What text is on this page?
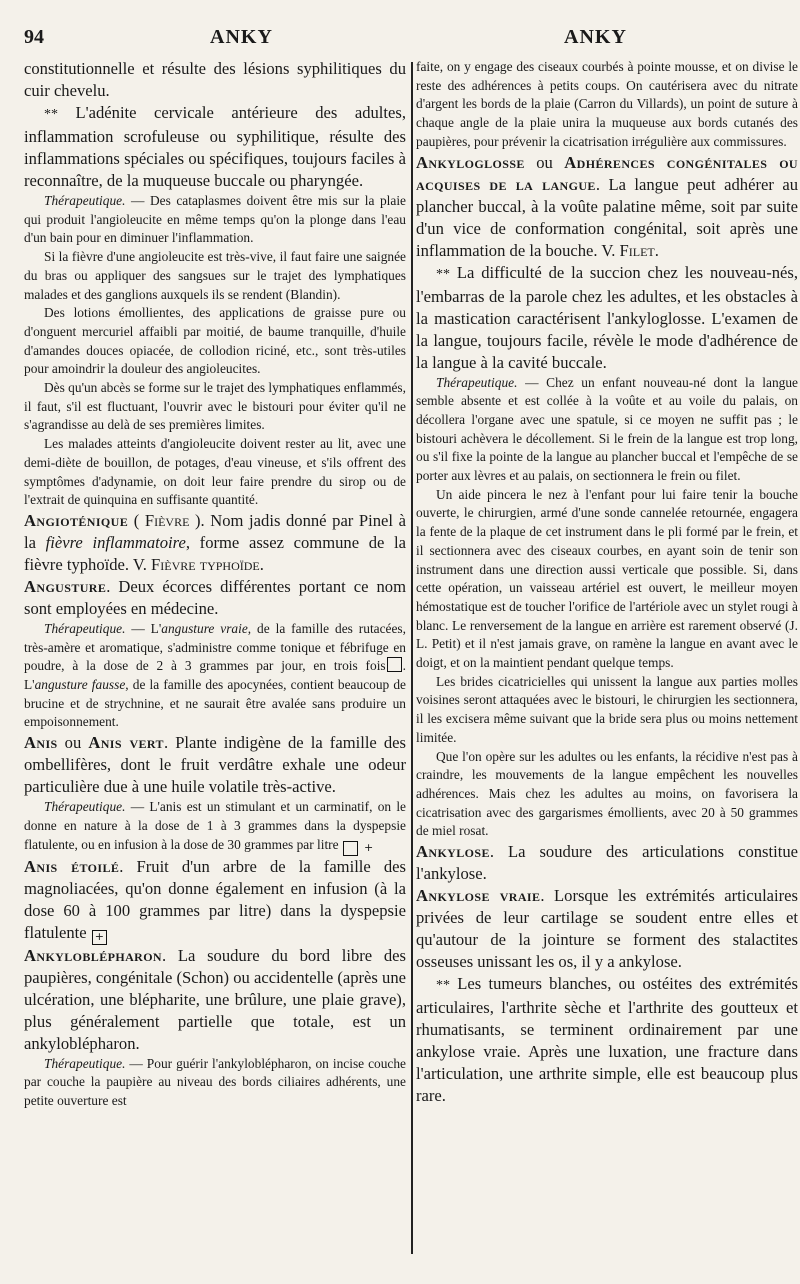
94	ANKY	ANKY

constitutionnelle et résulte des lésions syphilitiques du cuir chevelu.

** L'adénite cervicale antérieure des adultes, inflammation scrofuleuse ou syphilitique, résulte des inflammations spéciales ou spécifiques, toujours faciles à reconnaître, de la muqueuse buccale ou pharyngée.

Thérapeutique. — Des cataplasmes doivent être mis sur la plaie qui produit l'angioleucite en même temps qu'on la plonge dans l'eau d'un bain pour en diminuer l'inflammation.

Si la fièvre d'une angioleucite est très-vive, il faut faire une saignée du bras ou appliquer des sangsues sur le trajet des lymphatiques malades et des ganglions auxquels ils se rendent (Blandin).

Des lotions émollientes, des applications de graisse pure ou d'onguent mercuriel affaibli par moitié, de baume tranquille, d'huile d'amandes douces opiacée, de collodion riciné, etc., sont très-utiles pour amoindrir la douleur des angioleucites.

Dès qu'un abcès se forme sur le trajet des lymphatiques enflammés, il faut, s'il est fluctuant, l'ouvrir avec le bistouri pour éviter qu'il ne s'agrandisse au delà de ses premières limites.

Les malades atteints d'angioleucite doivent rester au lit, avec une demi-diète de bouillon, de potages, d'eau vineuse, et s'ils offrent des symptômes d'adynamie, on doit leur faire prendre du sirop ou de l'extrait de quinquina en suffisante quantité.

Angioténique ( Fièvre ). Nom jadis donné par Pinel à la fièvre inflammatoire, forme assez commune de la fièvre typhoïde. V. Fièvre typhoïde.

Angusture. Deux écorces différentes portant ce nom sont employées en médecine.

Thérapeutique. — L'angusture vraie, de la famille des rutacées, très-amère et aromatique, s'administre comme tonique et fébrifuge en poudre, à la dose de 2 à 3 grammes par jour, en trois fois . L'angusture fausse, de la famille des apocynées, contient beaucoup de brucine et de strychnine, et ne saurait être avalée sans produire un empoisonnement.

Anis ou Anis vert. Plante indigène de la famille des ombellifères, dont le fruit verdâtre exhale une odeur particulière due à une huile volatile très-active.

Thérapeutique. — L'anis est un stimulant et un carminatif, on le donne en nature à la dose de 1 à 3 grammes dans la dyspepsie flatulente, ou en infusion à la dose de 30 grammes par litre +

Anis étoilé. Fruit d'un arbre de la famille des magnoliacées, qu'on donne également en infusion (à la dose 60 à 100 grammes par litre) dans la dyspepsie flatulente +

Ankyloblépharon. La soudure du bord libre des paupières, congénitale (Schon) ou accidentelle (après une ulcération, une blépharite, une brûlure, une plaie grave), plus généralement partielle que totale, est un ankyloblépharon.

Thérapeutique. — Pour guérir l'ankyloblépharon, on incise couche par couche la paupière au niveau des bords ciliaires adhérents, une petite ouverture est

faite, on y engage des ciseaux courbés à pointe mousse, et on divise le reste des adhérences à petits coups. On cautérisera avec du nitrate d'argent les bords de la plaie (Carron du Villards), un point de suture à chaque angle de la plaie unira la muqueuse aux bords cutanés des paupières, pour prévenir la cicatrisation irrégulière aux commissures.

Ankyloglosse ou Adhérences congénitales ou acquises de la langue. La langue peut adhérer au plancher buccal, à la voûte palatine même, soit par suite d'un vice de conformation congénital, soit après une inflammation de la bouche. V. Filet.

** La difficulté de la succion chez les nouveau-nés, l'embarras de la parole chez les adultes, et les obstacles à la mastication caractérisent l'ankyloglosse. L'examen de la langue, toujours facile, révèle le mode d'adhérence de la langue à la cavité buccale.

Thérapeutique. — Chez un enfant nouveau-né dont la langue semble absente et est collée à la voûte et au voile du palais, on décollera l'organe avec une spatule, si ce moyen ne suffit pas ; le bistouri achèvera le décollement. Si le frein de la langue est trop long, ou s'il fixe la pointe de la langue au plancher buccal et l'empêche de se porter aux lèvres et au palais, on sectionnera le frein ou filet.

Un aide pincera le nez à l'enfant pour lui faire tenir la bouche ouverte, le chirurgien, armé d'une sonde cannelée retournée, engagera la fente de la plaque de cet instrument dans le pli formé par le frein, et il sectionnera avec des ciseaux courbes, en ayant soin de tenir son instrument dans une direction aussi verticale que possible. Si, dans cette opération, un vaisseau artériel est ouvert, le meilleur moyen hémostatique est de toucher l'orifice de l'artériole avec un stylet rougi à blanc. Le renversement de la langue en arrière est rarement observé (J. L. Petit) et il n'est jamais grave, on ramène la langue en avant avec le doigt, et on la maintient pendant quelque temps.

Les brides cicatricielles qui unissent la langue aux parties molles voisines seront attaquées avec le bistouri, le chirurgien les sectionnera, il les excisera même suivant que la bride sera plus ou moins nettement limitée.

Que l'on opère sur les adultes ou les enfants, la récidive n'est pas à craindre, les mouvements de la langue empêchent les nouvelles adhérences. Mais chez les adultes au moins, on favorisera la cicatrisation avec des gargarismes émollients, avec 20 à 50 grammes de miel rosat.

Ankylose. La soudure des articulations constitue l'ankylose.

Ankylose vraie. Lorsque les extrémités articulaires privées de leur cartilage se soudent entre elles et qu'autour de la jointure se forment des stalactites osseuses unissant les os, il y a ankylose.

** Les tumeurs blanches, ou ostéites des extrémités articulaires, l'arthrite sèche et l'arthrite des goutteux et rhumatisants, se terminent ordinairement par une ankylose vraie. Après une luxation, une fracture dans l'articulation, une arthrite simple, elle est beaucoup plus rare.
